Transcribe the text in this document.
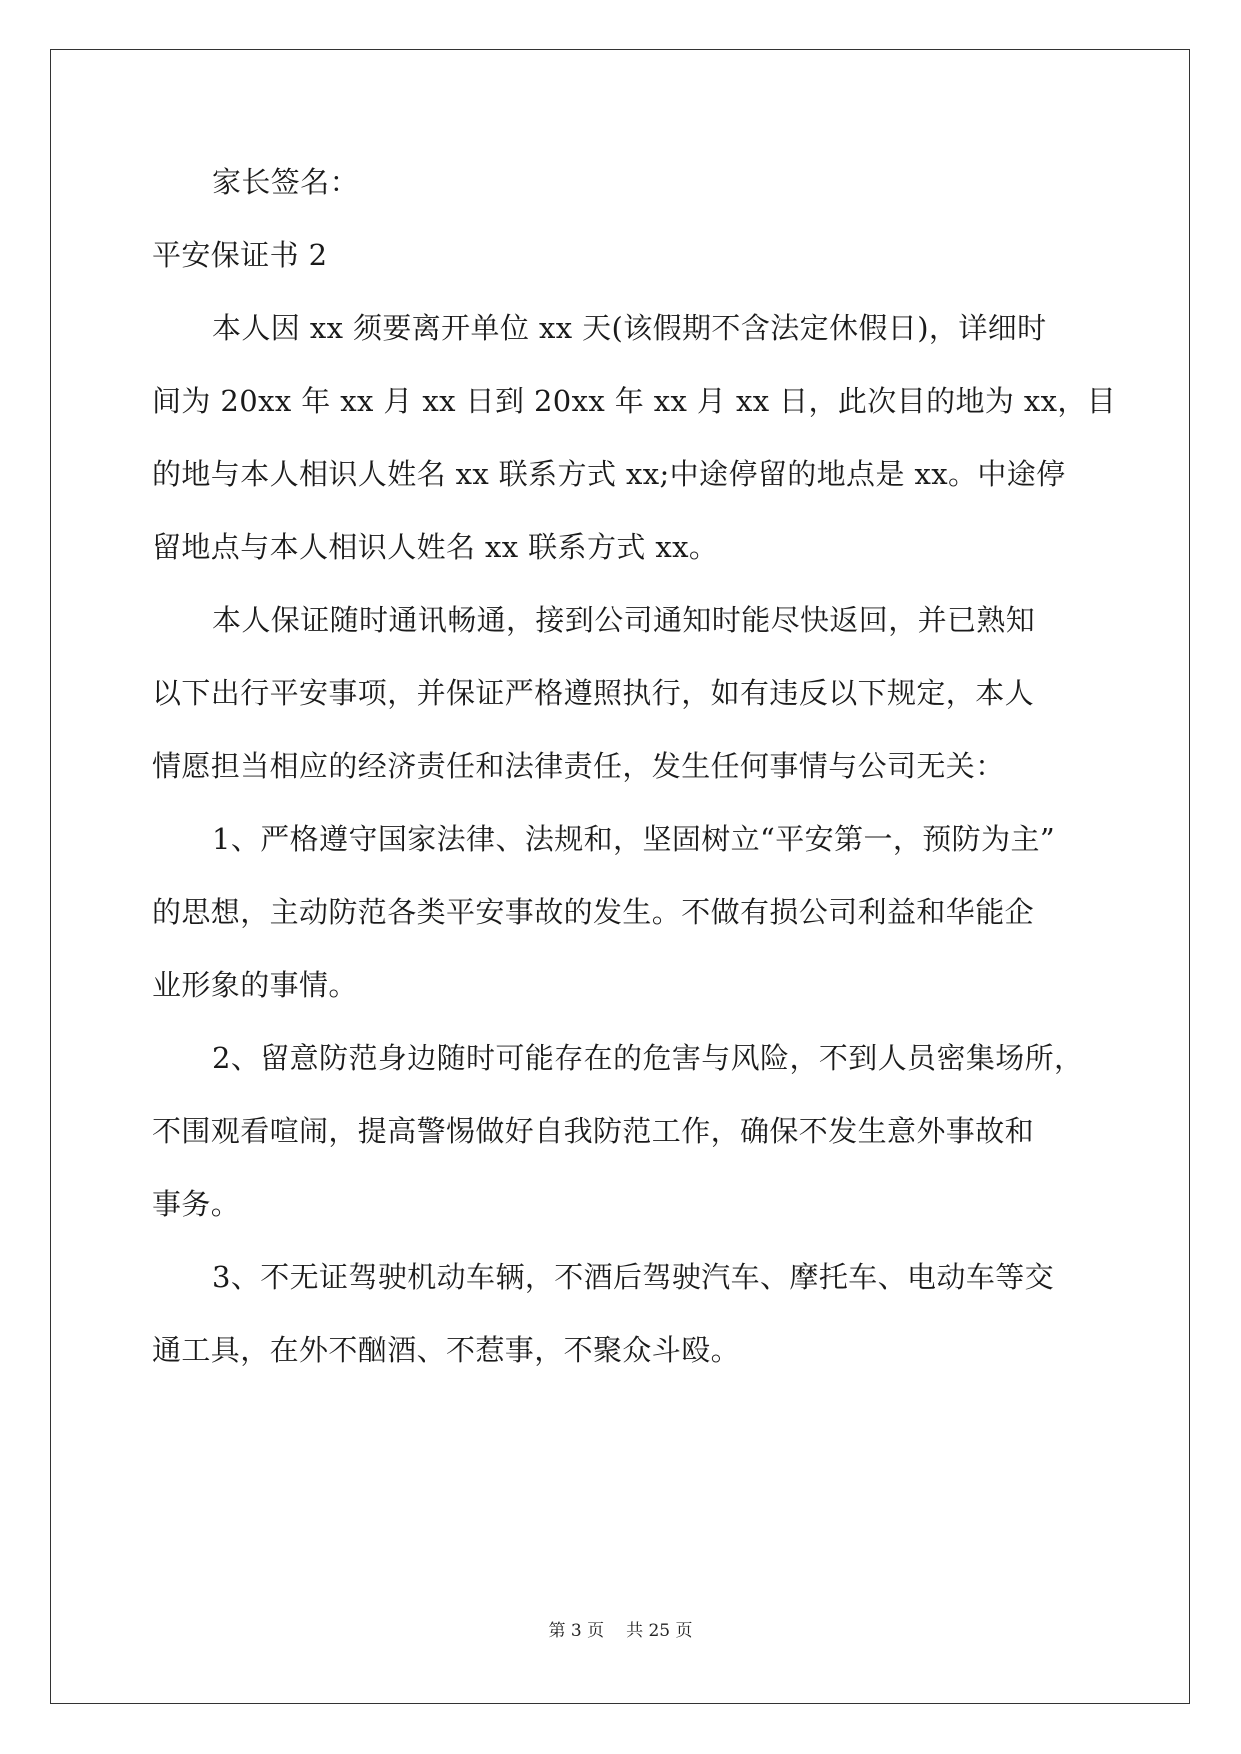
家长签名：
平安保证书 2
本人因 xx 须要离开单位 xx 天(该假期不含法定休假日)，详细时
间为 20xx 年 xx 月 xx 日到 20xx 年 xx 月 xx 日，此次目的地为 xx，目
的地与本人相识人姓名 xx 联系方式 xx;中途停留的地点是 xx。中途停
留地点与本人相识人姓名 xx 联系方式 xx。
本人保证随时通讯畅通，接到公司通知时能尽快返回，并已熟知
以下出行平安事项，并保证严格遵照执行，如有违反以下规定，本人
情愿担当相应的经济责任和法律责任，发生任何事情与公司无关：
1、严格遵守国家法律、法规和，坚固树立“平安第一，预防为主”
的思想，主动防范各类平安事故的发生。不做有损公司利益和华能企
业形象的事情。
2、留意防范身边随时可能存在的危害与风险，不到人员密集场所，
不围观看喧闹，提高警惕做好自我防范工作，确保不发生意外事故和
事务。
3、不无证驾驶机动车辆，不酒后驾驶汽车、摩托车、电动车等交
通工具，在外不酗酒、不惹事，不聚众斗殴。
第 3 页 共 25 页
